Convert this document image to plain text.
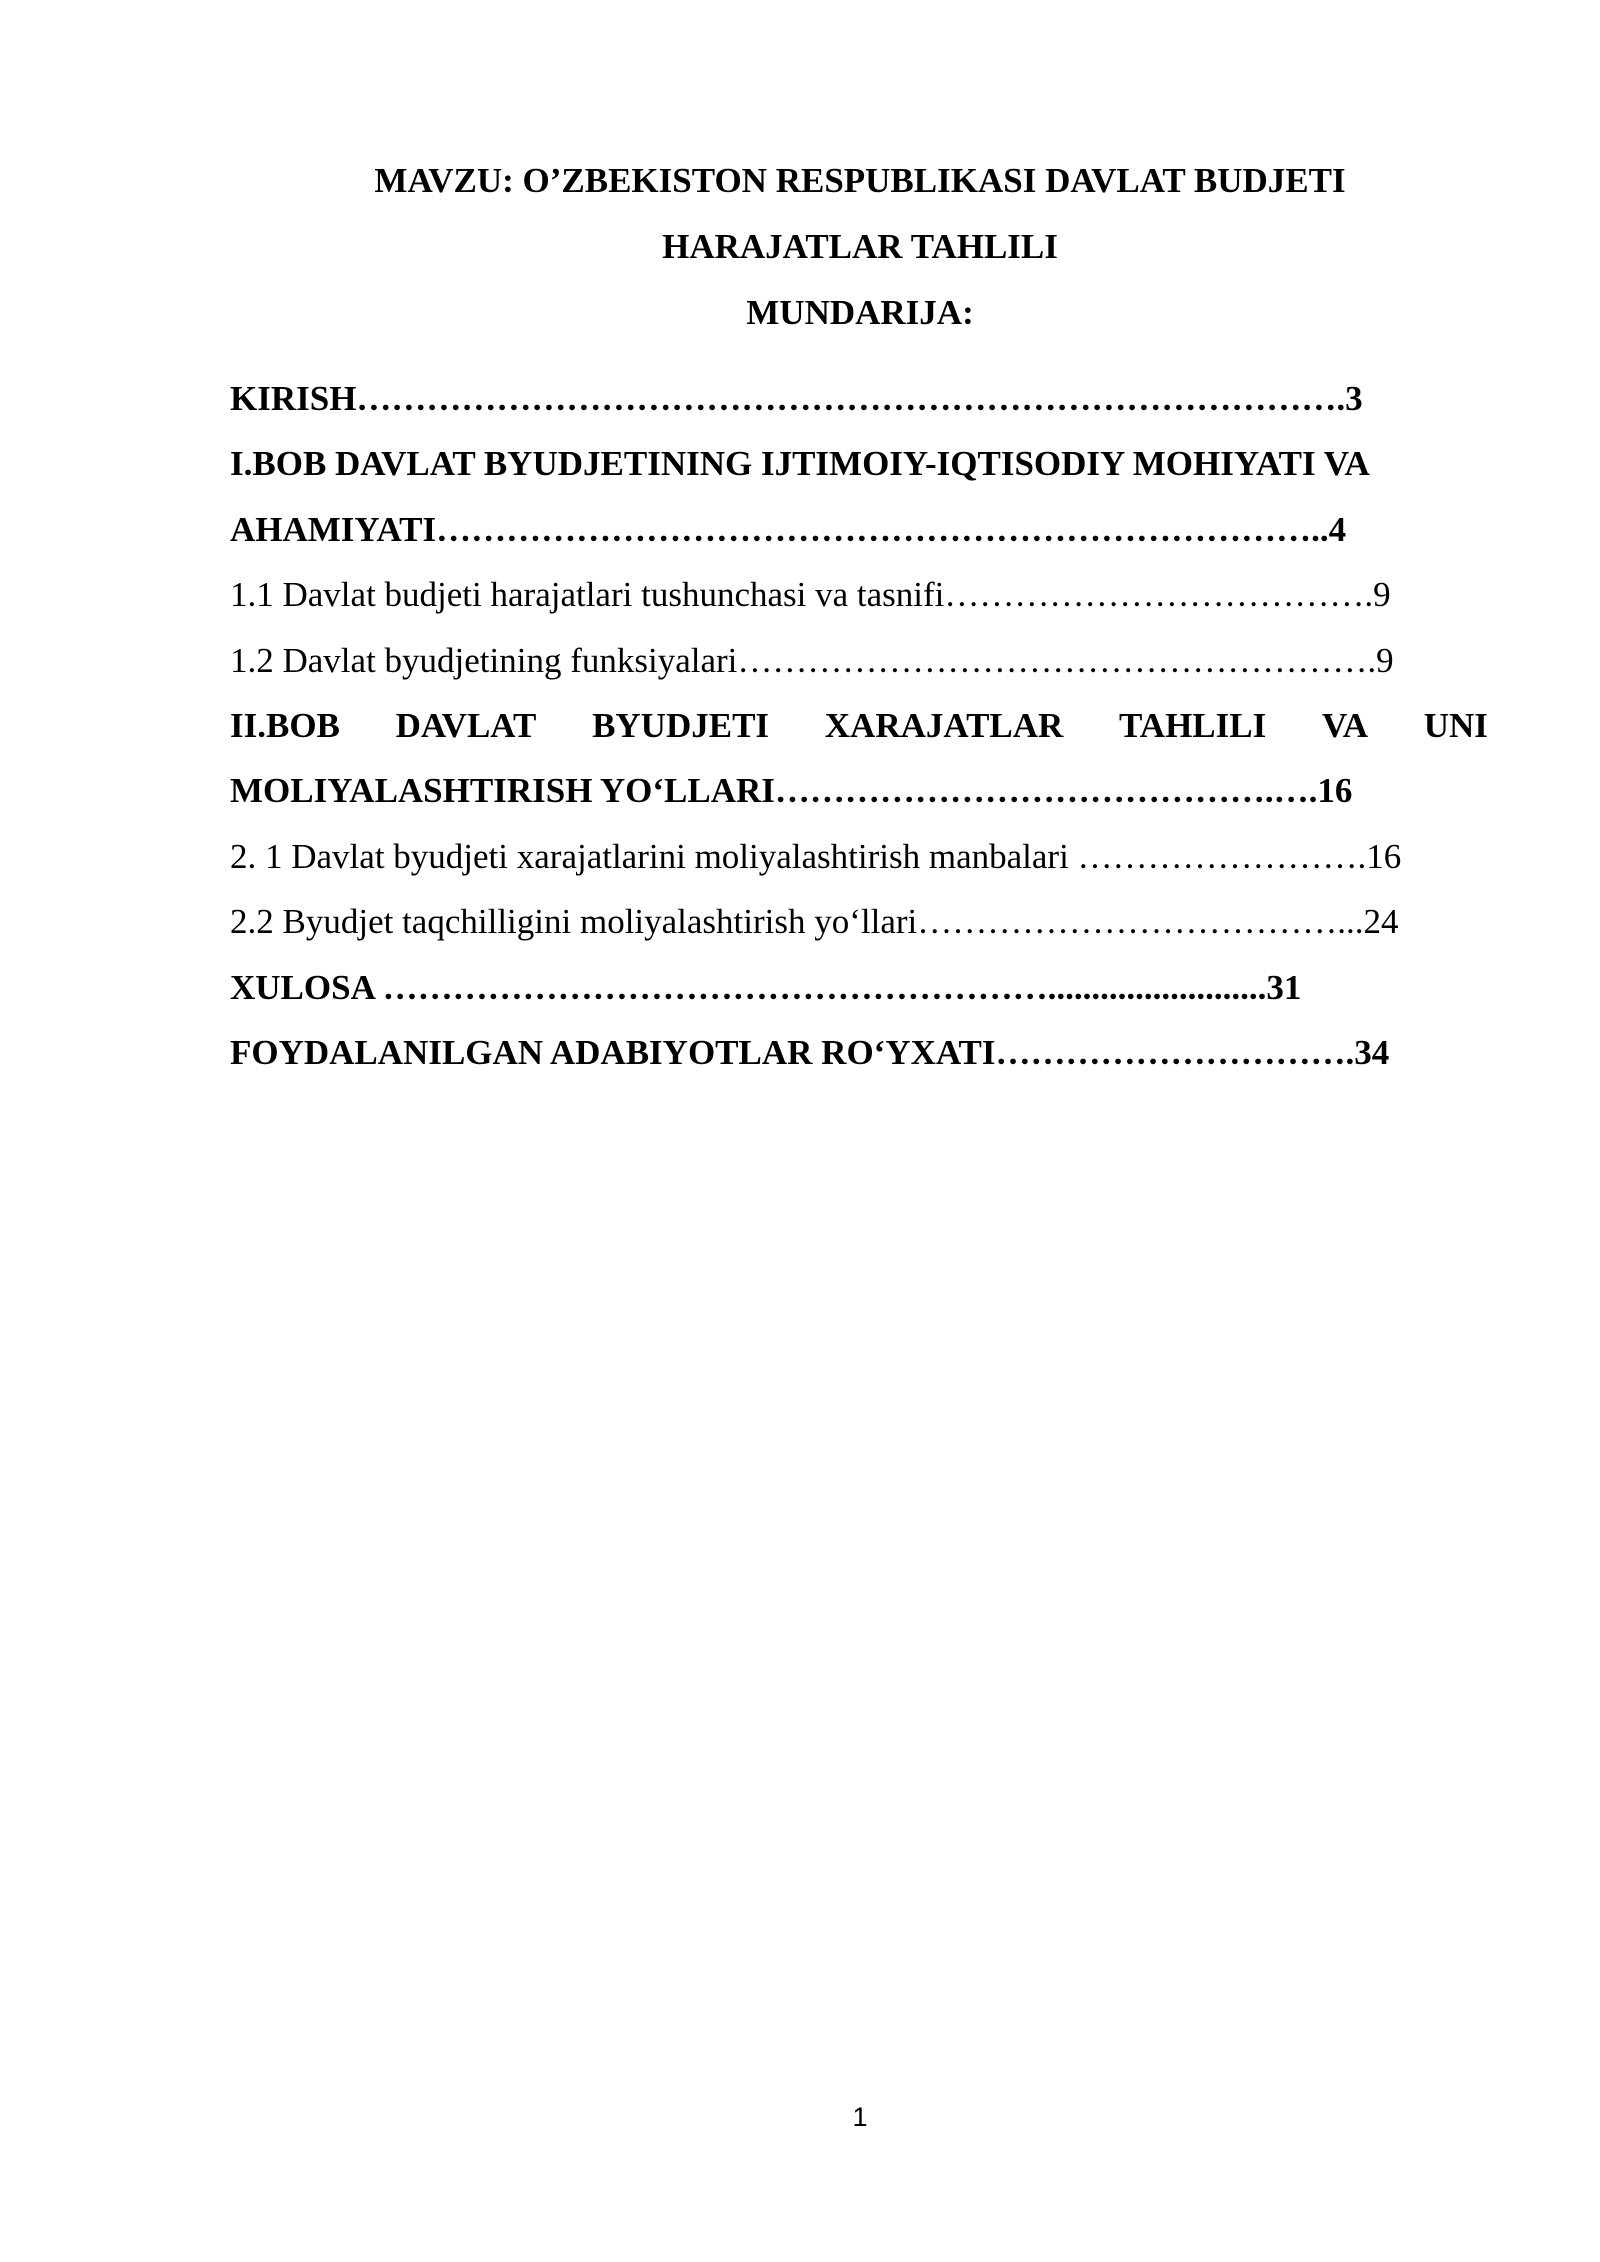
MAVZU: O’ZBEKISTON RESPUBLIKASI DAVLAT BUDJETI
HARAJATLAR TAHLILI
MUNDARIJA:
KIRISH………………………………………………………………………….3
I.BOB DAVLAT BYUDJETINING IJTIMOIY-IQTISODIY MOHIYATI VA
AHAMIYATI…………………………………………………………………..4
1.1 Davlat budjeti harajatlari tushunchasi va tasnifi……………………………….9
1.2 Davlat byudjetining funksiyalari……………………………………………….9
II.BOB DAVLAT BYUDJETI XARAJATLAR TAHLILI VA UNI
MOLIYALASHTIRISH YO‘LLARI…………………………………….….16
2. 1 Davlat byudjeti xarajatlarini moliyalashtirish manbalari …………………….16
2.2 Byudjet taqchilligini moliyalashtirish yo‘llari………………………………...24
XULOSA ………………………………………………….........................31
FOYDALANILGAN ADABIYOTLAR RO‘YXATI………………………….34
1
